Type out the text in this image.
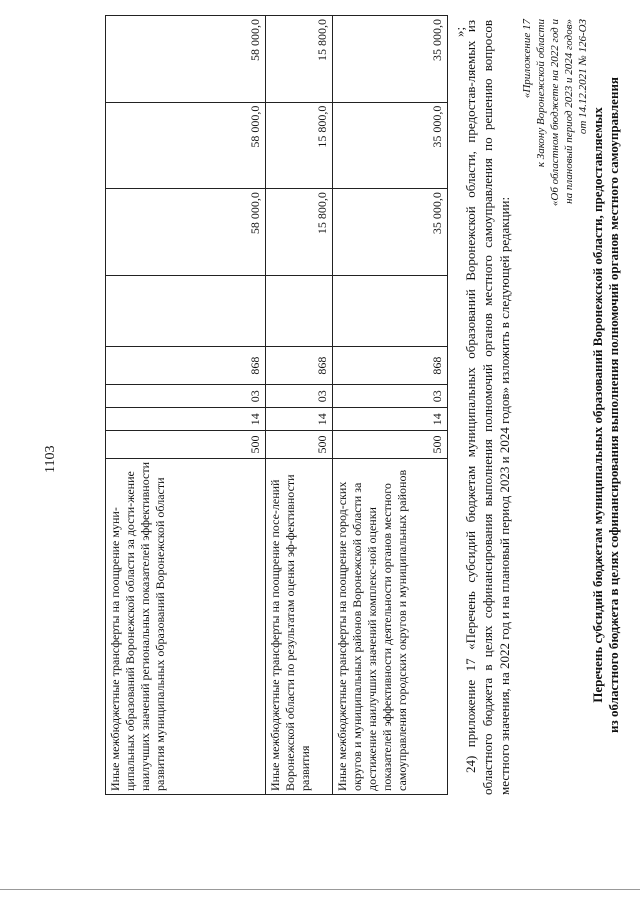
1103
Иные межбюджетные трансферты на поощрение муни-ципальных образований Воронежской области за дости-жение наилучших значений региональных показателей эффективности развития муниципальных образований Воронежской области	500	14	03	868		58 000,0	58 000,0	58 000,0
Иные межбюджетные трансферты на поощрение посе-лений Воронежской области по результатам оценки эф-фективности развития	500	14	03	868		15 800,0	15 800,0	15 800,0
Иные межбюджетные трансферты на поощрение город-ских округов и муниципальных районов Воронежской области за достижение наилучших значений комплекс-ной оценки показателей эффективности деятельности органов местного самоуправления городских округов и муниципальных районов	500	14	03	868		35 000,0	35 000,0	35 000,0 »;
24) приложение 17 «Перечень субсидий бюджетам муниципальных образований Воронежской области, предостав-ляемых из областного бюджета в целях софинансирования выполнения полномочий органов местного самоуправления по решению вопросов местного значения, на 2022 год и на плановый период 2023 и 2024 годов» изложить в следующей редакции:
«Приложение 17 к Закону Воронежской области «Об областном бюджете на 2022 год и на плановый период 2023 и 2024 годов» от 14.12.2021 № 126-ОЗ
Перечень субсидий бюджетам муниципальных образований Воронежской области, предоставляемых из областного бюджета в целях софинансирования выполнения полномочий органов местного самоуправления
